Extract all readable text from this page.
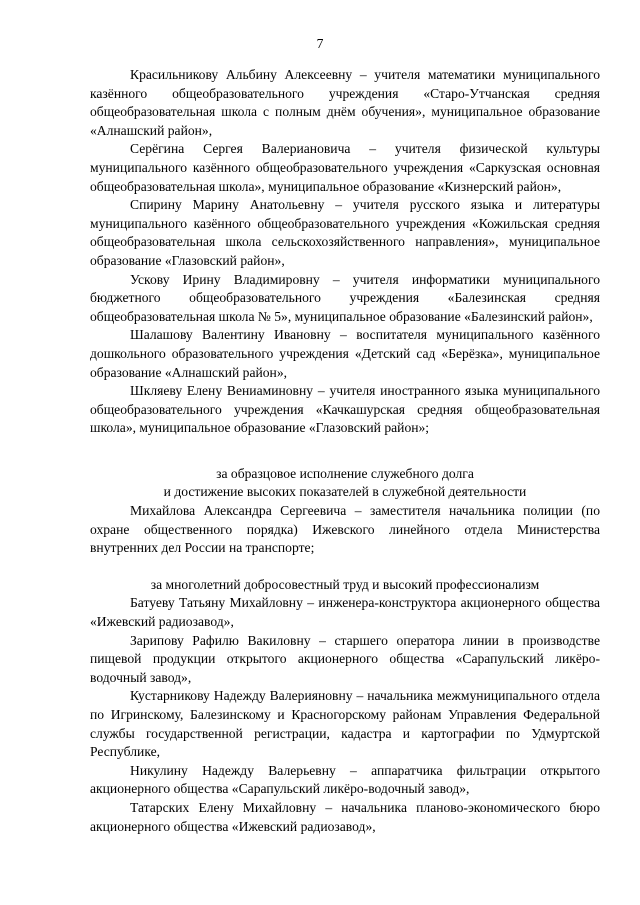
7

Красильникову Альбину Алексеевну – учителя математики муниципального казённого общеобразовательного учреждения «Старо-Утчанская средняя общеобразовательная школа с полным днём обучения», муниципальное образование «Алнашский район»,

Серёгина Сергея Валериановича – учителя физической культуры муниципального казённого общеобразовательного учреждения «Саркузская основная общеобразовательная школа», муниципальное образование «Кизнерский район»,

Спирину Марину Анатольевну – учителя русского языка и литературы муниципального казённого общеобразовательного учреждения «Кожильская средняя общеобразовательная школа сельскохозяйственного направления», муниципальное образование «Глазовский район»,

Ускову Ирину Владимировну – учителя информатики муниципального бюджетного общеобразовательного учреждения «Балезинская средняя общеобразовательная школа № 5», муниципальное образование «Балезинский район»,

Шалашову Валентину Ивановну – воспитателя муниципального казённого дошкольного образовательного учреждения «Детский сад «Берёзка», муниципальное образование «Алнашский район»,

Шкляеву Елену Вениаминовну – учителя иностранного языка муниципального общеобразовательного учреждения «Качкашурская средняя общеобразовательная школа», муниципальное образование «Глазовский район»;

за образцовое исполнение служебного долга

и достижение высоких показателей в служебной деятельности

Михайлова Александра Сергеевича – заместителя начальника полиции (по охране общественного порядка) Ижевского линейного отдела Министерства внутренних дел России на транспорте;

за многолетний добросовестный труд и высокий профессионализм

Батуеву Татьяну Михайловну – инженера-конструктора акционерного общества «Ижевский радиозавод»,

Зарипову Рафилю Вакиловну – старшего оператора линии в производстве пищевой продукции открытого акционерного общества «Сарапульский ликёро-водочный завод»,

Кустарникову Надежду Валерияновну – начальника межмуниципального отдела по Игринскому, Балезинскому и Красногорскому районам Управления Федеральной службы государственной регистрации, кадастра и картографии по Удмуртской Республике,

Никулину Надежду Валерьевну – аппаратчика фильтрации открытого акционерного общества «Сарапульский ликёро-водочный завод»,

Татарских Елену Михайловну – начальника планово-экономического бюро акционерного общества «Ижевский радиозавод»,
